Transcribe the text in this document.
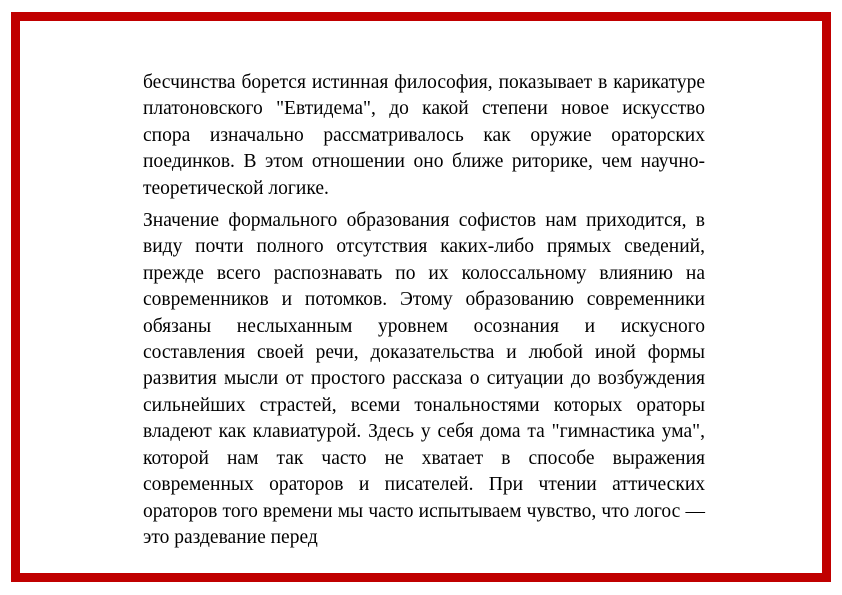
бесчинства борется истинная философия, показывает в карикатуре платоновского "Евтидема", до какой степени новое искусство спора изначально рассматривалось как оружие ораторских поединков. В этом отношении оно ближе риторике, чем научно-теоретической логике.

Значение формального образования софистов нам приходится, в виду почти полного отсутствия каких-либо прямых сведений, прежде всего распознавать по их колоссальному влиянию на современников и потомков. Этому образованию современники обязаны неслыханным уровнем осознания и искусного составления своей речи, доказательства и любой иной формы развития мысли от простого рассказа о ситуации до возбуждения сильнейших страстей, всеми тональностями которых ораторы владеют как клавиатурой. Здесь у себя дома та "гимнастика ума", которой нам так часто не хватает в способе выражения современных ораторов и писателей. При чтении аттических ораторов того времени мы часто испытываем чувство, что логос — это раздевание перед
